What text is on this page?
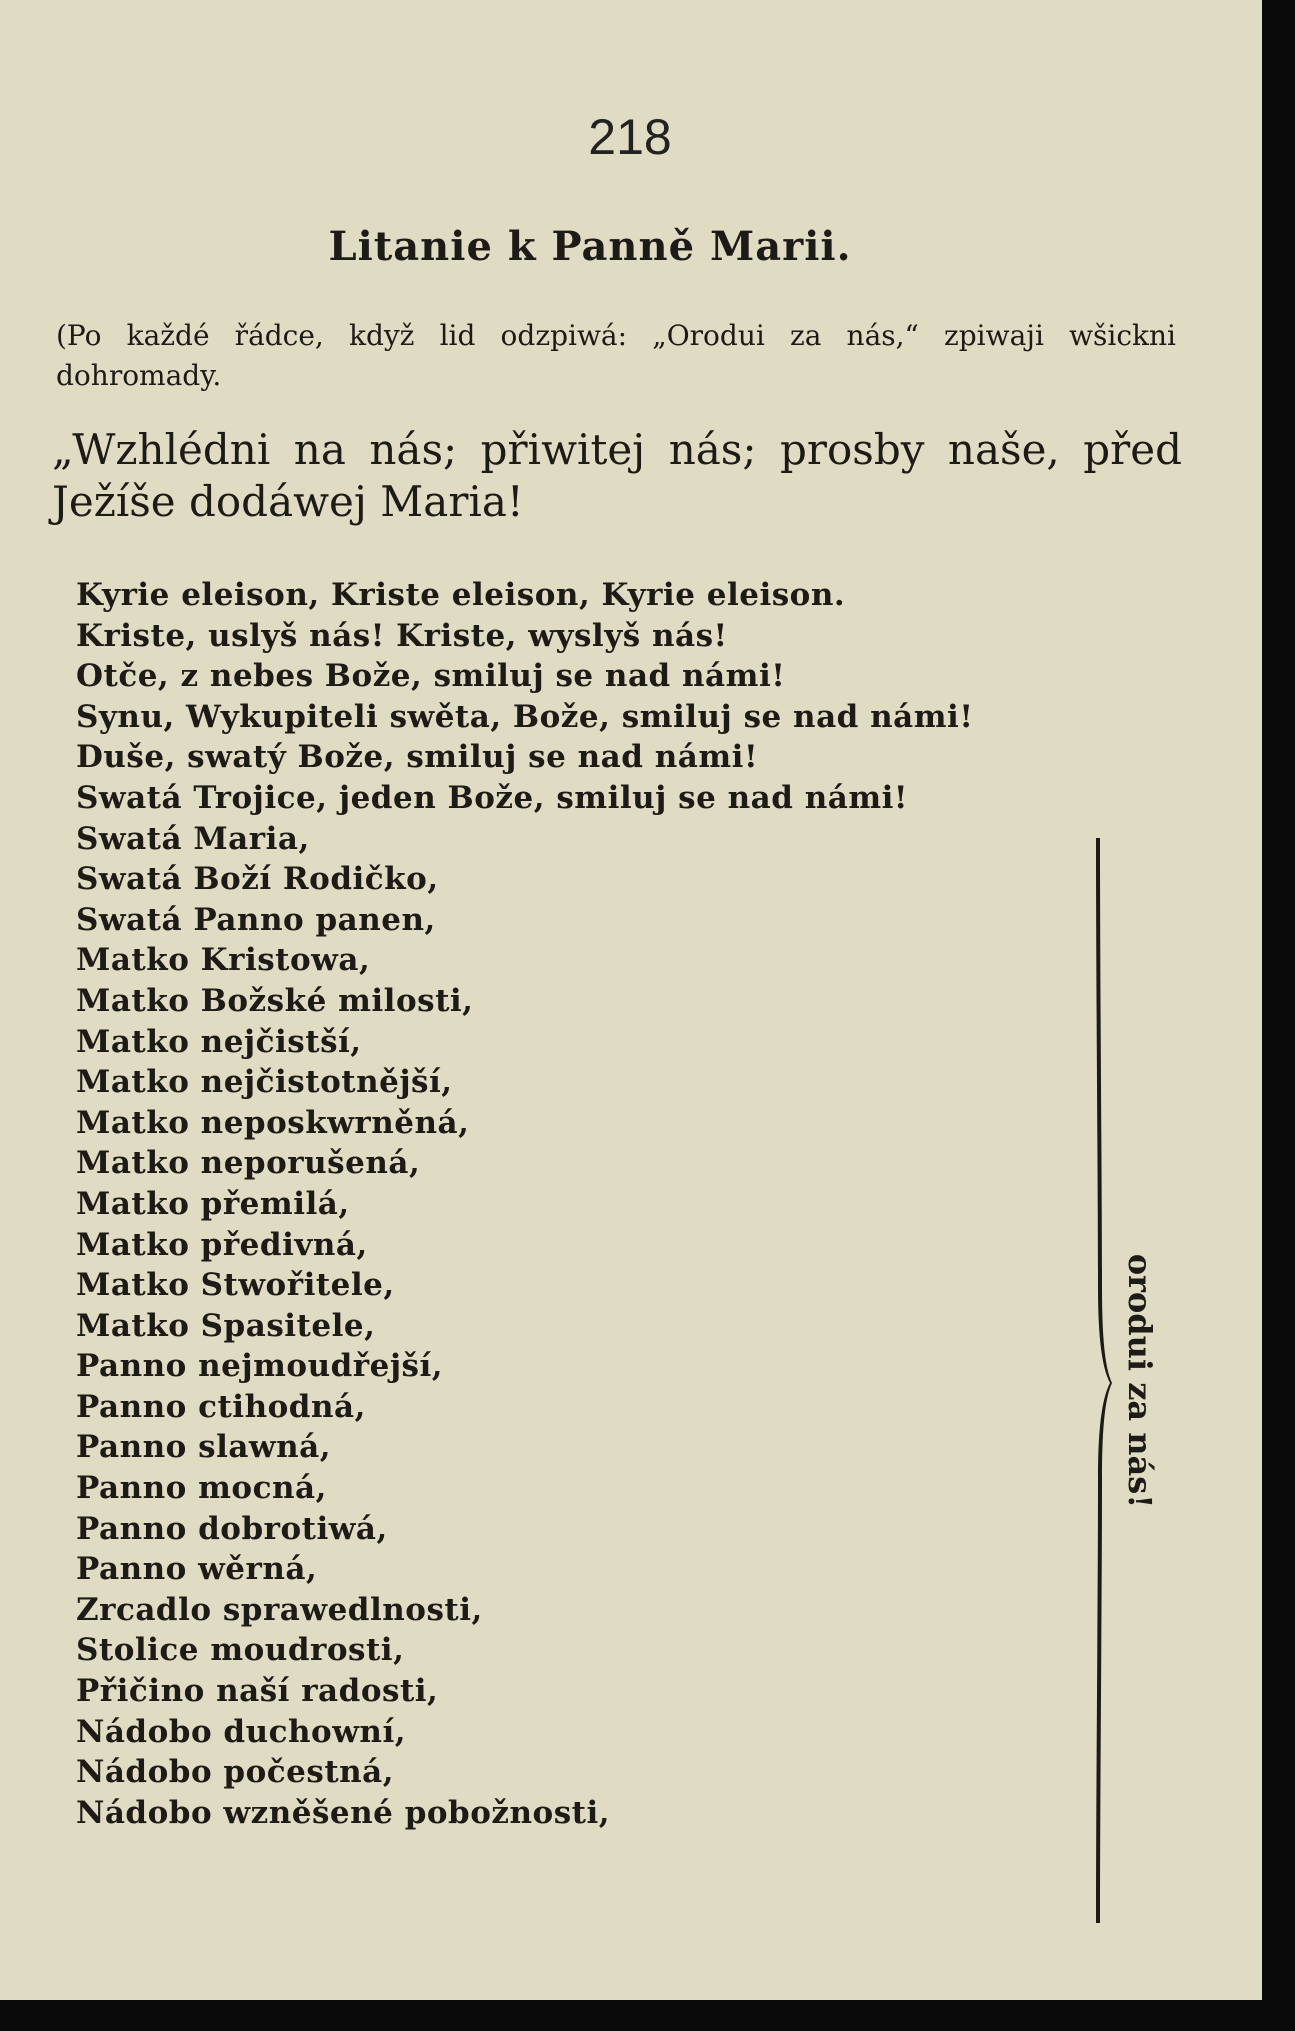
218
Litanie k Panně Marii.
(Po každé řádce, když lid odzpiwá: „Orodui za nás,“ zpiwaji wšickni dohromady.
„Wzhlédni na nás; přiwitej nás; prosby naše, před Ježíše dodáwej Maria!
Kyrie eleison, Kriste eleison, Kyrie eleison.
Kriste, uslyš nás! Kriste, wyslyš nás!
Otče, z nebes Bože, smiluj se nad námi!
Synu, Wykupiteli swěta, Bože, smiluj se nad námi!
Duše, swatý Bože, smiluj se nad námi!
Swatá Trojice, jeden Bože, smiluj se nad námi!
Swatá Maria,
Swatá Boží Rodičko,
Swatá Panno panen,
Matko Kristowa,
Matko Božské milosti,
Matko nejčistší,
Matko nejčistotnější,
Matko neposkwrněná,
Matko neporušená,
Matko přemilá,
Matko předivná,
Matko Stwořitele,
Matko Spasitele,
Panno nejmoudřejší,
Panno ctihodná,
Panno slawná,
Panno mocná,
Panno dobrotiwá,
Panno wěrná,
Zrcadlo sprawedlnosti,
Stolice moudrosti,
Přičino naší radosti,
Nádobo duchowní,
Nádobo počestná,
Nádobo wzněšené pobožnosti,
orodui za nás!
